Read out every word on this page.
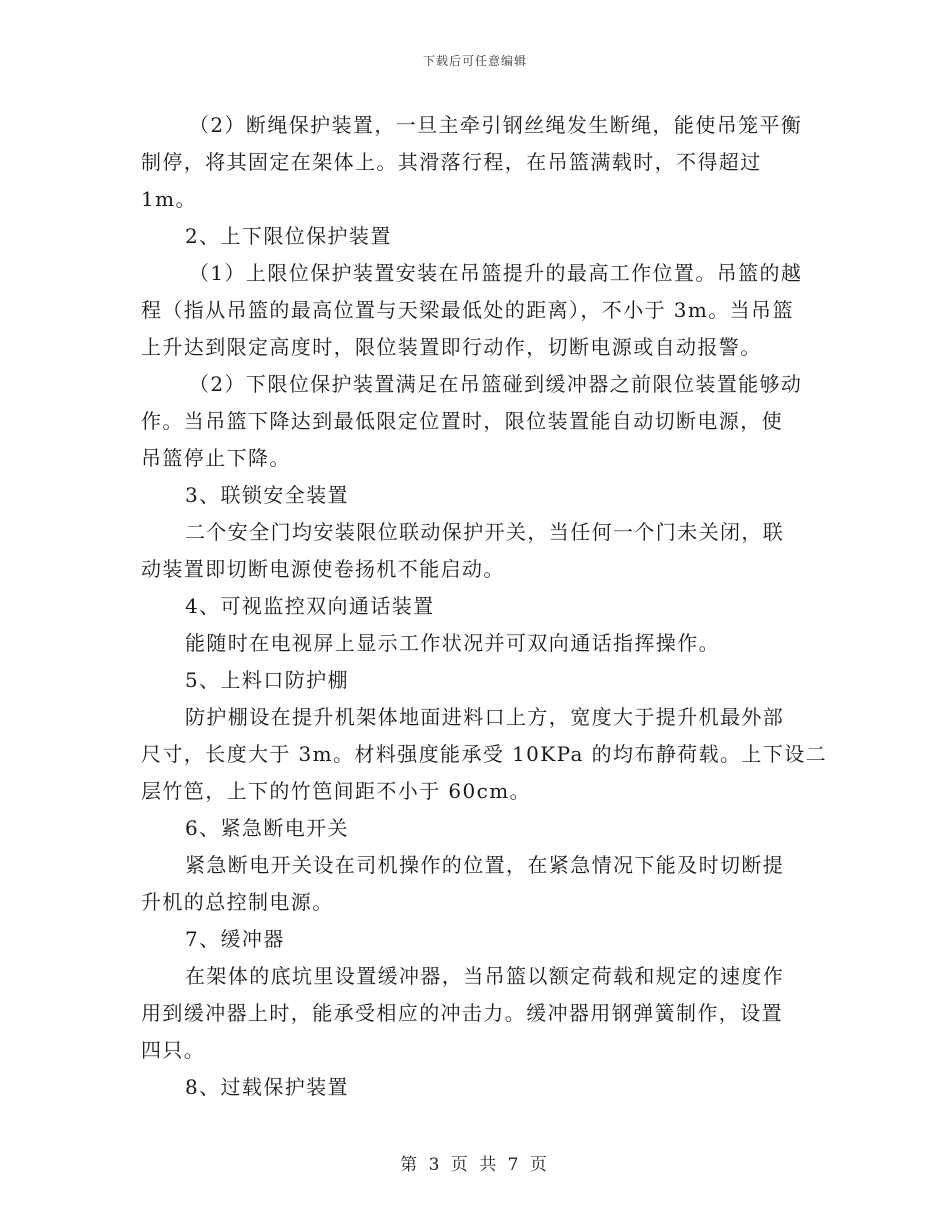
下载后可任意编辑
（2）断绳保护装置，一旦主牵引钢丝绳发生断绳，能使吊笼平衡
制停，将其固定在架体上。其滑落行程，在吊篮满载时，不得超过
1m。
2、上下限位保护装置
（1）上限位保护装置安装在吊篮提升的最高工作位置。吊篮的越
程（指从吊篮的最高位置与天梁最低处的距离），不小于 3m。当吊篮
上升达到限定高度时，限位装置即行动作，切断电源或自动报警。
（2）下限位保护装置满足在吊篮碰到缓冲器之前限位装置能够动
作。当吊篮下降达到最低限定位置时，限位装置能自动切断电源，使
吊篮停止下降。
3、联锁安全装置
二个安全门均安装限位联动保护开关，当任何一个门未关闭，联
动装置即切断电源使卷扬机不能启动。
4、可视监控双向通话装置
能随时在电视屏上显示工作状况并可双向通话指挥操作。
5、上料口防护棚
防护棚设在提升机架体地面进料口上方，宽度大于提升机最外部
尺寸，长度大于 3m。材料强度能承受 10KPa 的均布静荷载。上下设二
层竹笆，上下的竹笆间距不小于 60cm。
6、紧急断电开关
紧急断电开关设在司机操作的位置，在紧急情况下能及时切断提
升机的总控制电源。
7、缓冲器
在架体的底坑里设置缓冲器，当吊篮以额定荷载和规定的速度作
用到缓冲器上时，能承受相应的冲击力。缓冲器用钢弹簧制作，设置
四只。
8、过载保护装置
第 3 页 共 7 页
